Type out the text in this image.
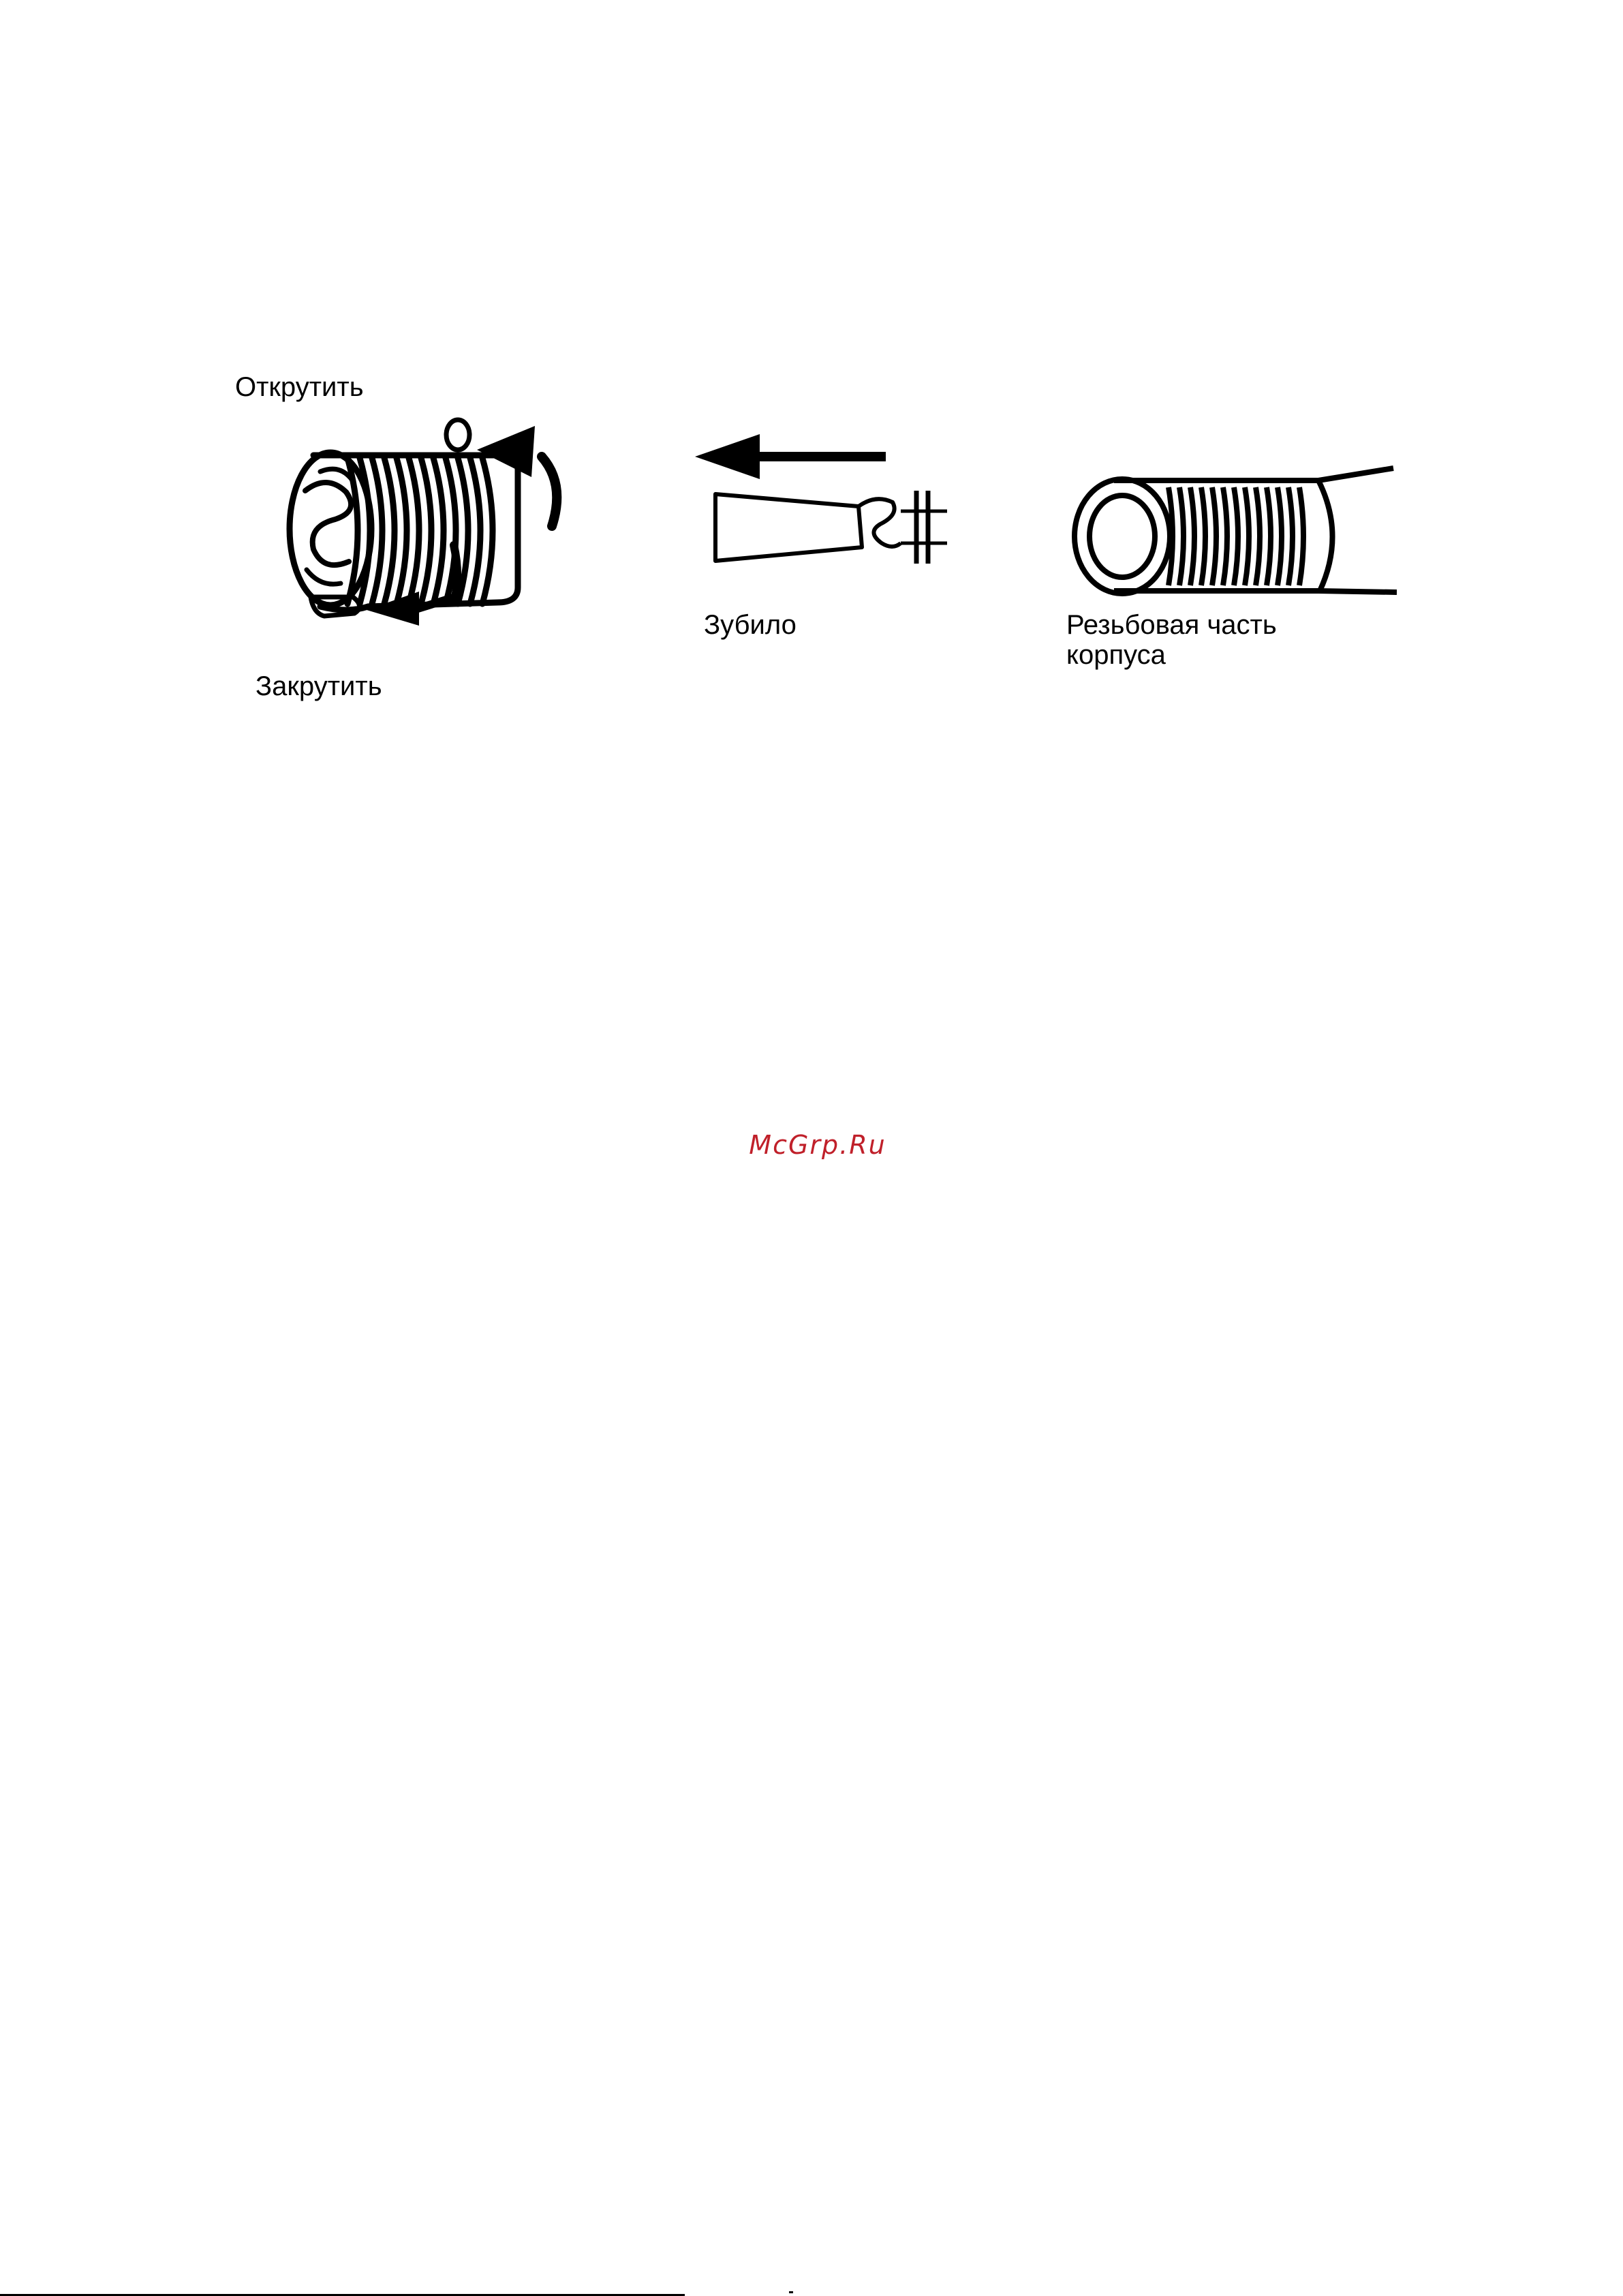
Открутить
Закрутить
Зубило	Резьбовая часть
корпуса
McGrp.Ru
